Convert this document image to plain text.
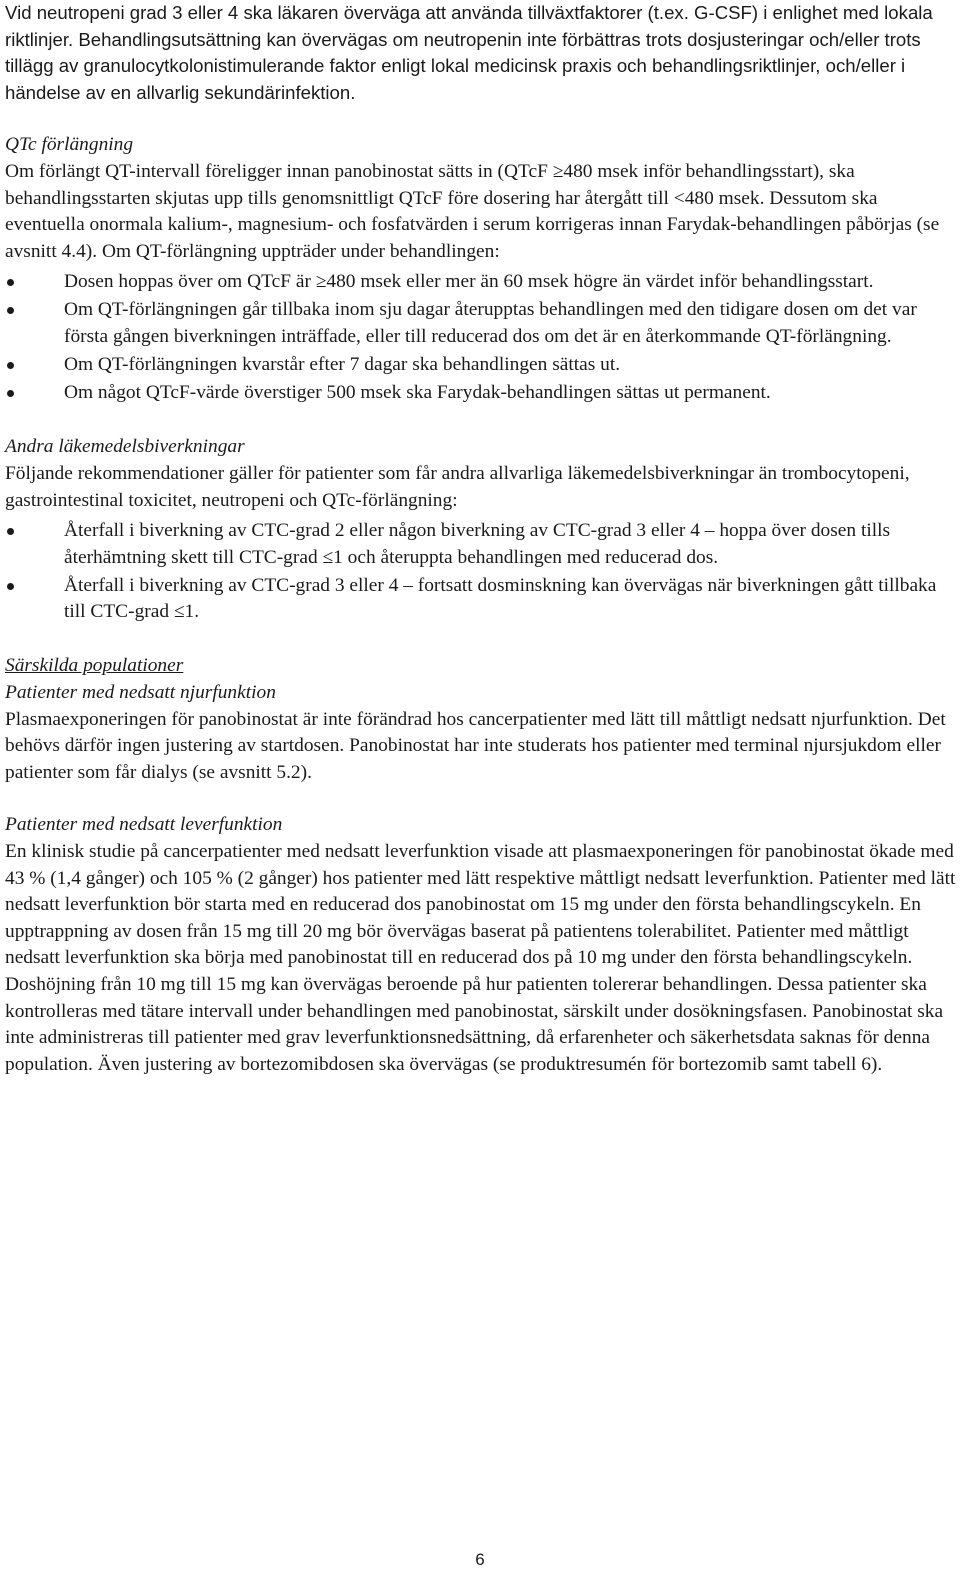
Vid neutropeni grad 3 eller 4 ska läkaren överväga att använda tillväxtfaktorer (t.ex. G-CSF) i enlighet med lokala riktlinjer. Behandlingsutsättning kan övervägas om neutropenin inte förbättras trots dosjusteringar och/eller trots tillägg av granulocytkolonistimulerande faktor enligt lokal medicinsk praxis och behandlingsriktlinjer, och/eller i händelse av en allvarlig sekundärinfektion.

QTc förlängning

Om förlängt QT-intervall föreligger innan panobinostat sätts in (QTcF ≥480 msek inför behandlingsstart), ska behandlingsstarten skjutas upp tills genomsnittligt QTcF före dosering har återgått till <480 msek. Dessutom ska eventuella onormala kalium-, magnesium- och fosfatvärden i serum korrigeras innan Farydak-behandlingen påbörjas (se avsnitt 4.4). Om QT-förlängning uppträder under behandlingen:

Dosen hoppas över om QTcF är ≥480 msek eller mer än 60 msek högre än värdet inför behandlingsstart.
Om QT-förlängningen går tillbaka inom sju dagar återupptas behandlingen med den tidigare dosen om det var första gången biverkningen inträffade, eller till reducerad dos om det är en återkommande QT-förlängning.
Om QT-förlängningen kvarstår efter 7 dagar ska behandlingen sättas ut.
Om något QTcF-värde överstiger 500 msek ska Farydak-behandlingen sättas ut permanent.

Andra läkemedelsbiverkningar

Följande rekommendationer gäller för patienter som får andra allvarliga läkemedelsbiverkningar än trombocytopeni, gastrointestinal toxicitet, neutropeni och QTc-förlängning:

Återfall i biverkning av CTC-grad 2 eller någon biverkning av CTC-grad 3 eller 4 – hoppa över dosen tills återhämtning skett till CTC-grad ≤1 och återuppta behandlingen med reducerad dos.
Återfall i biverkning av CTC-grad 3 eller 4 – fortsatt dosminskning kan övervägas när biverkningen gått tillbaka till CTC-grad ≤1.

Särskilda populationer

Patienter med nedsatt njurfunktion

Plasmaexponeringen för panobinostat är inte förändrad hos cancerpatienter med lätt till måttligt nedsatt njurfunktion. Det behövs därför ingen justering av startdosen. Panobinostat har inte studerats hos patienter med terminal njursjukdom eller patienter som får dialys (se avsnitt 5.2).

Patienter med nedsatt leverfunktion

En klinisk studie på cancerpatienter med nedsatt leverfunktion visade att plasmaexponeringen för panobinostat ökade med 43 % (1,4 gånger) och 105 % (2 gånger) hos patienter med lätt respektive måttligt nedsatt leverfunktion. Patienter med lätt nedsatt leverfunktion bör starta med en reducerad dos panobinostat om 15 mg under den första behandlingscykeln. En upptrappning av dosen från 15 mg till 20 mg bör övervägas baserat på patientens tolerabilitet. Patienter med måttligt nedsatt leverfunktion ska börja med panobinostat till en reducerad dos på 10 mg under den första behandlingscykeln. Doshöjning från 10 mg till 15 mg kan övervägas beroende på hur patienten tolererar behandlingen. Dessa patienter ska kontrolleras med tätare intervall under behandlingen med panobinostat, särskilt under dosökningsfasen. Panobinostat ska inte administreras till patienter med grav leverfunktionsnedsättning, då erfarenheter och säkerhetsdata saknas för denna population. Även justering av bortezomibdosen ska övervägas (se produktresumén för bortezomib samt tabell 6).

6
